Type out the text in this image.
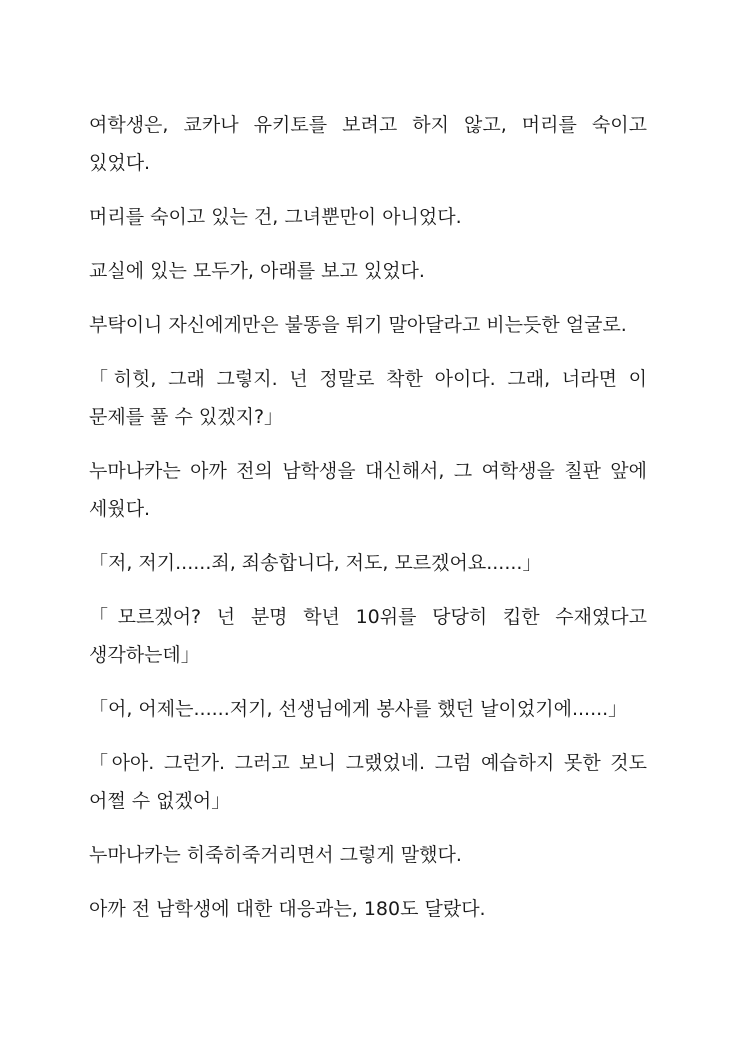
여학생은, 쿄카나 유키토를 보려고 하지 않고, 머리를 숙이고 있었다.

머리를 숙이고 있는 건, 그녀뿐만이 아니었다.

교실에 있는 모두가, 아래를 보고 있었다.

부탁이니 자신에게만은 불똥을 튀기 말아달라고 비는듯한 얼굴로.

「히힛, 그래 그렇지. 넌 정말로 착한 아이다. 그래, 너라면 이 문제를 풀 수 있겠지?」

누마나카는 아까 전의 남학생을 대신해서, 그 여학생을 칠판 앞에 세웠다.

「저, 저기......죄, 죄송합니다, 저도, 모르겠어요......」

「모르겠어? 넌 분명 학년 10위를 당당히 킵한 수재였다고 생각하는데」

「어, 어제는......저기, 선생님에게 봉사를 했던 날이었기에......」

「아아. 그런가. 그러고 보니 그랬었네. 그럼 예습하지 못한 것도 어쩔 수 없겠어」

누마나카는 히죽히죽거리면서 그렇게 말했다.

아까 전 남학생에 대한 대응과는, 180도 달랐다.
